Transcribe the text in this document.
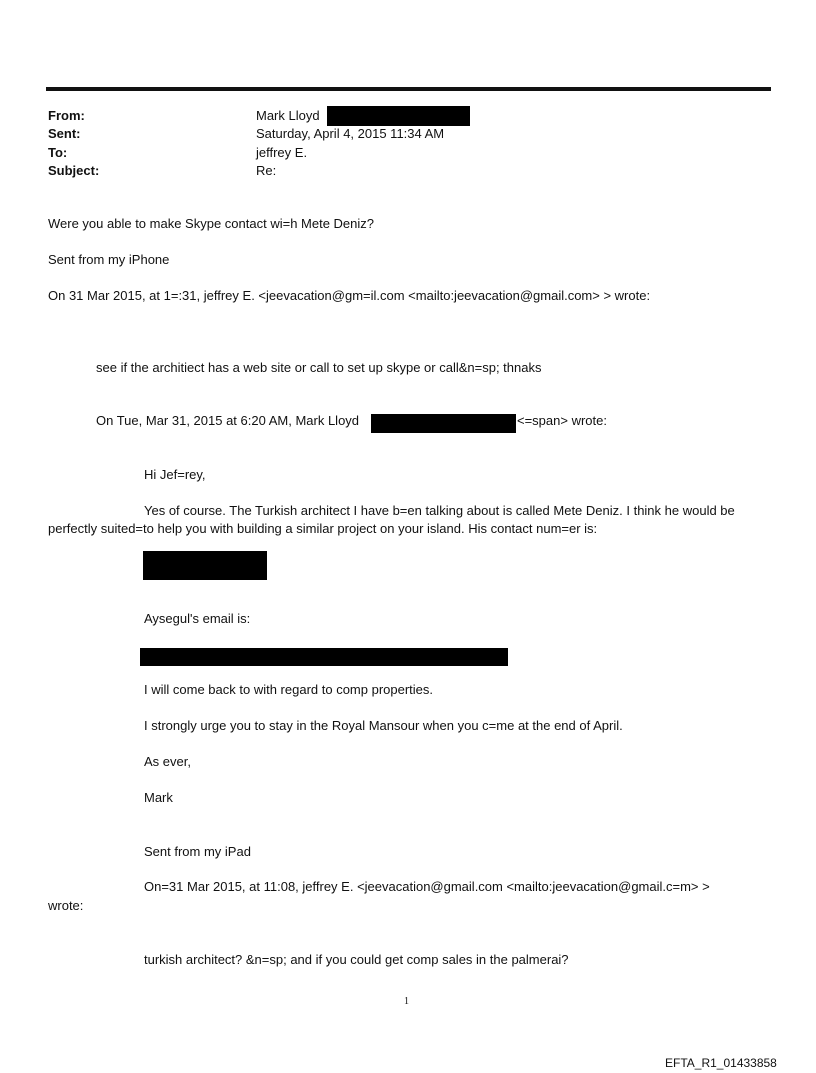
From:	Mark Lloyd
Sent:	Saturday, April 4, 2015 11:34 AM
To:	jeffrey E.
Subject:	Re:
Were you able to make Skype contact wi=h Mete Deniz?
Sent from my iPhone
On 31 Mar 2015, at 1=:31, jeffrey E. <jeevacation@gm=il.com <mailto:jeevacation@gmail.com> > wrote:
see if the architiect has a web site or call to set up skype or call&n=sp; thnaks
On Tue, Mar 31, 2015 at 6:20 AM, Mark Lloyd	<=span> wrote:
Hi Jef=rey,
Yes of course. The Turkish architect I have b=en talking about is called Mete Deniz. I think he would be
perfectly suited=to help you with building a similar project on your island. His contact num=er is:
Aysegul's email is:
I will come back to with regard to comp properties.
I strongly urge you to stay in the Royal Mansour when you c=me at the end of April.
As ever,
Mark
Sent from my iPad
On=31 Mar 2015, at 11:08, jeffrey E. <jeevacation@gmail.com <mailto:jeevacation@gmail.c=m> >
wrote:
turkish architect? &n=sp; and if you could get comp sales in the palmerai?
1
EFTA_R1_01433858
